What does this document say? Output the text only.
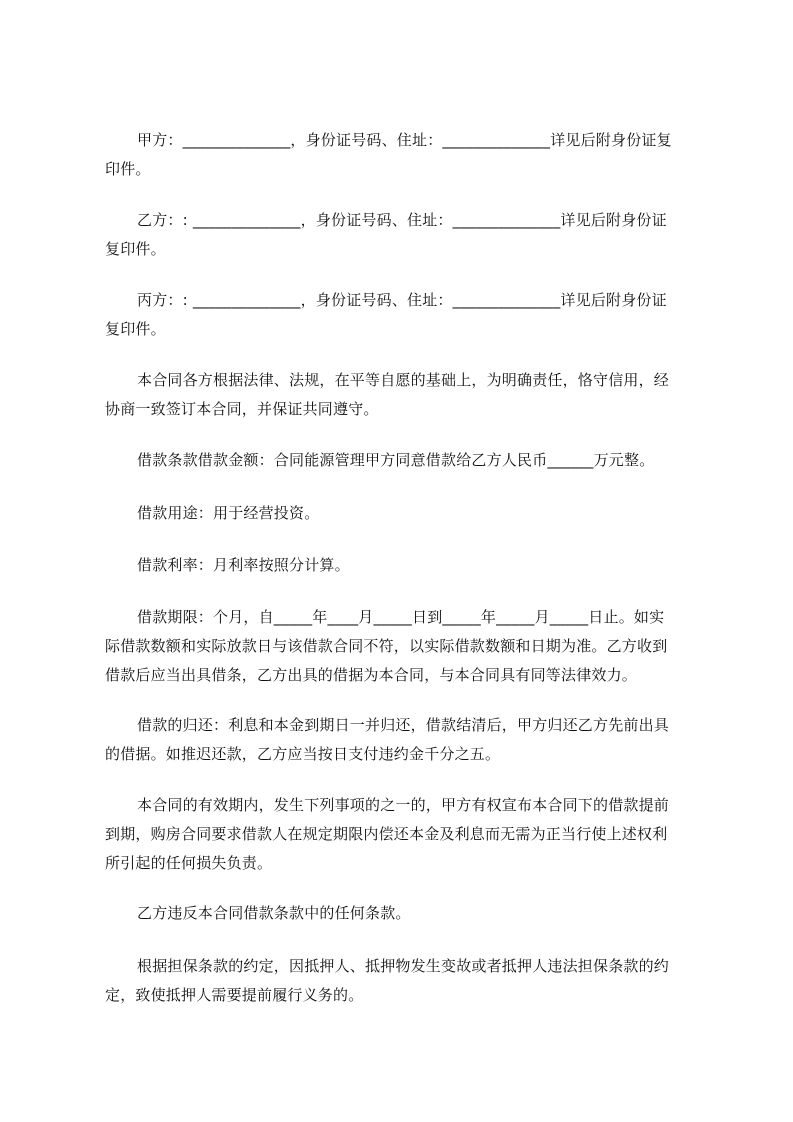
甲方：______________，身份证号码、住址：______________详见后附身份证复
印件。
乙方：: ______________，身份证号码、住址：______________详见后附身份证
复印件。
丙方：: ______________，身份证号码、住址：______________详见后附身份证
复印件。
本合同各方根据法律、法规，在平等自愿的基础上，为明确责任，恪守信用，经
协商一致签订本合同，并保证共同遵守。
借款条款借款金额：合同能源管理甲方同意借款给乙方人民币______万元整。
借款用途：用于经营投资。
借款利率：月利率按照分计算。
借款期限：个月，自_____年____月_____日到_____年_____月_____日止。如实
际借款数额和实际放款日与该借款合同不符，以实际借款数额和日期为准。乙方收到
借款后应当出具借条，乙方出具的借据为本合同，与本合同具有同等法律效力。
借款的归还：利息和本金到期日一并归还，借款结清后，甲方归还乙方先前出具
的借据。如推迟还款，乙方应当按日支付违约金千分之五。
本合同的有效期内，发生下列事项的之一的，甲方有权宣布本合同下的借款提前
到期，购房合同要求借款人在规定期限内偿还本金及利息而无需为正当行使上述权利
所引起的任何损失负责。
乙方违反本合同借款条款中的任何条款。
根据担保条款的约定，因抵押人、抵押物发生变故或者抵押人违法担保条款的约
定，致使抵押人需要提前履行义务的。
